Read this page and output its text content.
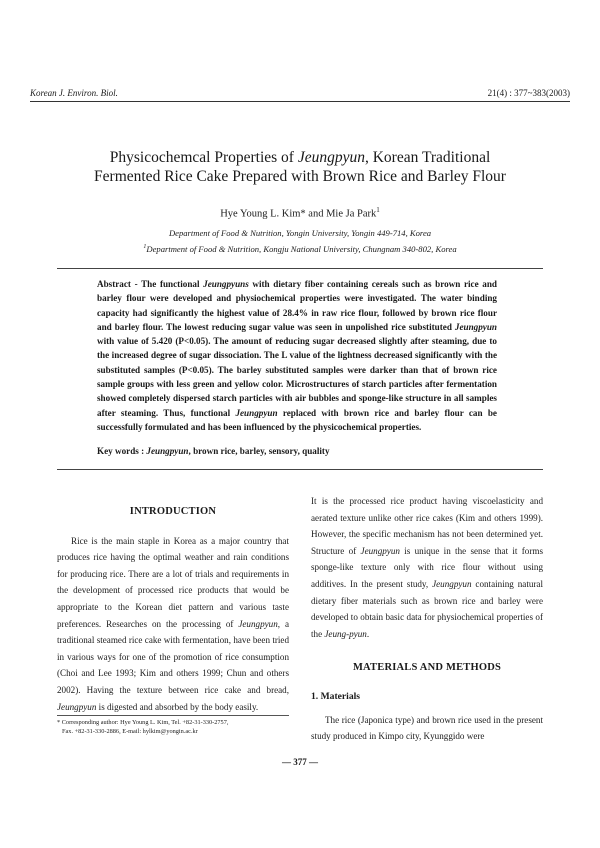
Korean J. Environ. Biol.	21(4) : 377~383(2003)
Physicochemcal Properties of Jeungpyun, Korean Traditional
Fermented Rice Cake Prepared with Brown Rice and Barley Flour
Hye Young L. Kim* and Mie Ja Park$^1$
Department of Food & Nutrition, Yongin University, Yongin 449-714, Korea
$^1$Department of Food & Nutrition, Kongju National University, Chungnam 340-802, Korea
Abstract - The functional Jeungpyuns with dietary fiber containing cereals such as brown rice and barley flour were developed and physiochemical properties were investigated. The water binding capacity had significantly the highest value of 28.4% in raw rice flour, followed by brown rice flour and barley flour. The lowest reducing sugar value was seen in unpolished rice substituted Jeungpyun with value of 5.420 (P<0.05). The amount of reducing sugar decreased slightly after steaming, due to the increased degree of sugar dissociation. The L value of the lightness decreased significantly with the substituted samples (P<0.05). The barley substituted samples were darker than that of brown rice sample groups with less green and yellow color. Microstructures of starch particles after fermentation showed completely dispersed starch particles with air bubbles and sponge-like structure in all samples after steaming. Thus, functional Jeungpyun replaced with brown rice and barley flour can be successfully formulated and has been influenced by the physicochemical properties.
Key words : Jeungpyun, brown rice, barley, sensory, quality
INTRODUCTION

Rice is the main staple in Korea as a major country that produces rice having the optimal weather and rain conditions for producing rice. There are a lot of trials and requirements in the development of processed rice products that would be appropriate to the Korean diet pattern and various taste preferences. Researches on the processing of Jeungpyun, a traditional steamed rice cake with fermentation, have been tried in various ways for one of the promotion of rice consumption (Choi and Lee 1993; Kim and others 1999; Chun and others 2002). Having the texture between rice cake and bread, Jeungpyun is digested and absorbed by the body easily.

It is the processed rice product having viscoelasticity and aerated texture unlike other rice cakes (Kim and others 1999). However, the specific mechanism has not been determined yet. Structure of Jeungpyun is unique in the sense that it forms sponge-like texture only with rice flour without using additives. In the present study, Jeungpyun containing natural dietary fiber materials such as brown rice and barley were developed to obtain basic data for physiochemical properties of the Jeung-pyun.

MATERIALS AND METHODS
1. Materials

The rice (Japonica type) and brown rice used in the present study produced in Kimpo city, Kyunggido were

* Corresponding author: Hye Young L. Kim, Tel. +82-31-330-2757,
Fax. +82-31-330-2886, E-mail: hylkim@yongin.ac.kr
— 377 —
